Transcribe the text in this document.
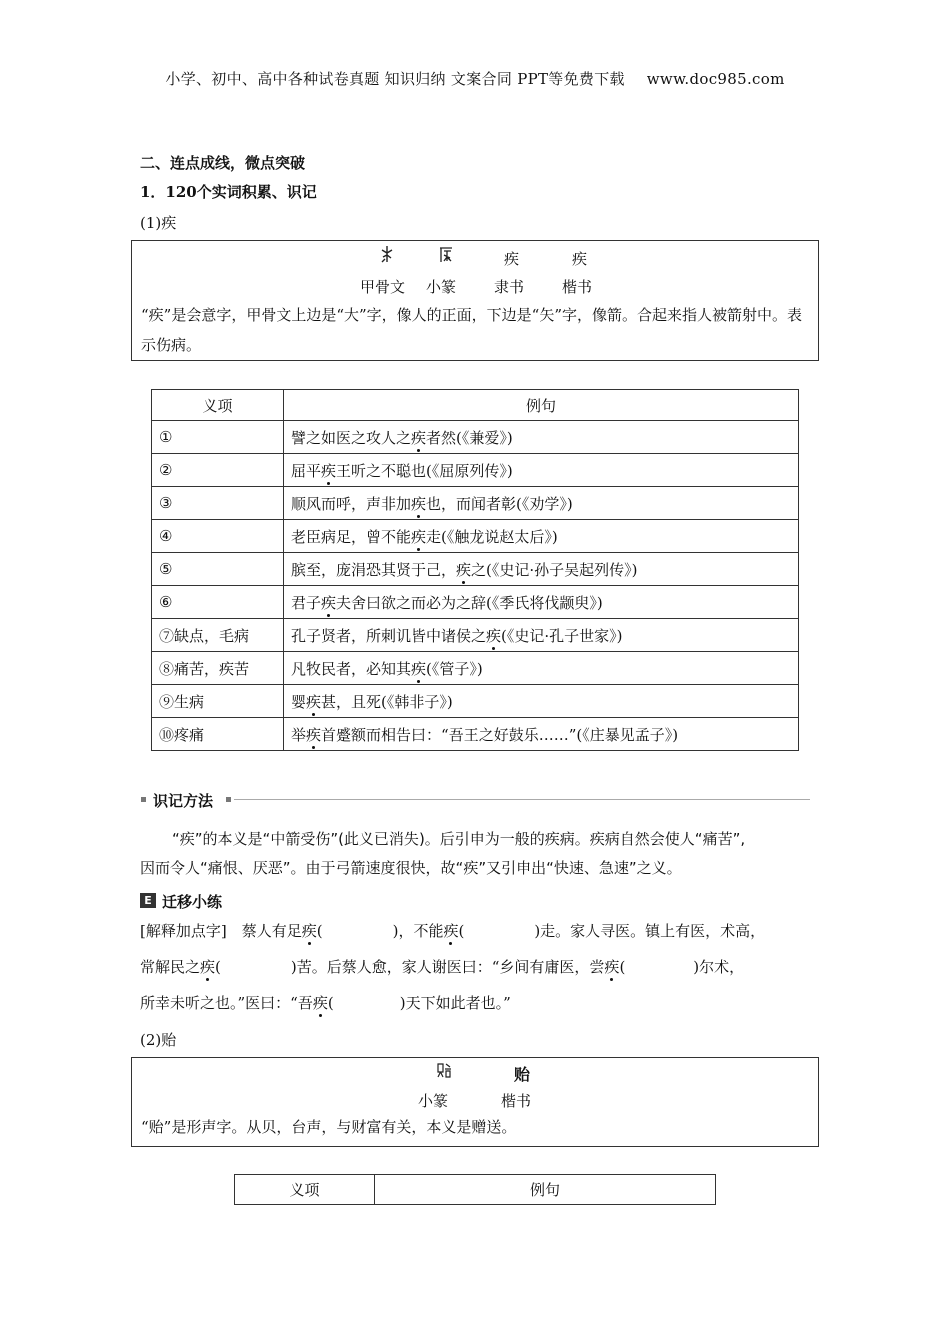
小学、初中、高中各种试卷真题 知识归纳 文案合同 PPT等免费下载 www.doc985.com
二、连点成线，微点突破
1．120个实词积累、识记
(1)疾
疾	疾
甲骨文 小篆	隶书	楷书
“疾”是会意字，甲骨文上边是“大”字，像人的正面，下边是“矢”字，像箭。合起来指人被箭射中。表示伤病。
义项	例句
①	譬之如医之攻人之疾者然(《兼爱》)
②	屈平疾王听之不聪也(《屈原列传》)
③	顺风而呼，声非加疾也，而闻者彰(《劝学》)
④	老臣病足，曾不能疾走(《触龙说赵太后》)
⑤	膑至，庞涓恐其贤于己，疾之(《史记·孙子吴起列传》)
⑥	君子疾夫舍曰欲之而必为之辞(《季氏将伐颛臾》)
⑦缺点，毛病	孔子贤者，所刺讥皆中诸侯之疾(《史记·孔子世家》)
⑧痛苦，疾苦	凡牧民者，必知其疾(《管子》)
⑨生病	婴疾甚，且死(《韩非子》)
⑩疼痛	举疾首蹙额而相告曰：“吾王之好鼓乐……”(《庄暴见孟子》)
识记方法
“疾”的本义是“中箭受伤”(此义已消失)。后引申为一般的疾病。疾病自然会使人“痛苦”,
因而令人“痛恨、厌恶”。由于弓箭速度很快，故“疾”又引申出“快速、急速”之义。
E 迁移小练
[解释加点字]　蔡人有足疾(	)，不能疾(	)走。家人寻医。镇上有医，术高，
常解民之疾(	)苦。后蔡人愈，家人谢医曰：“乡间有庸医，尝疾(	)尔术，
所幸未听之也。”医曰：“吾疾(	)天下如此者也。”
(2)贻
贻
小篆	楷书
“贻”是形声字。从贝，台声，与财富有关，本义是赠送。
义项	例句
